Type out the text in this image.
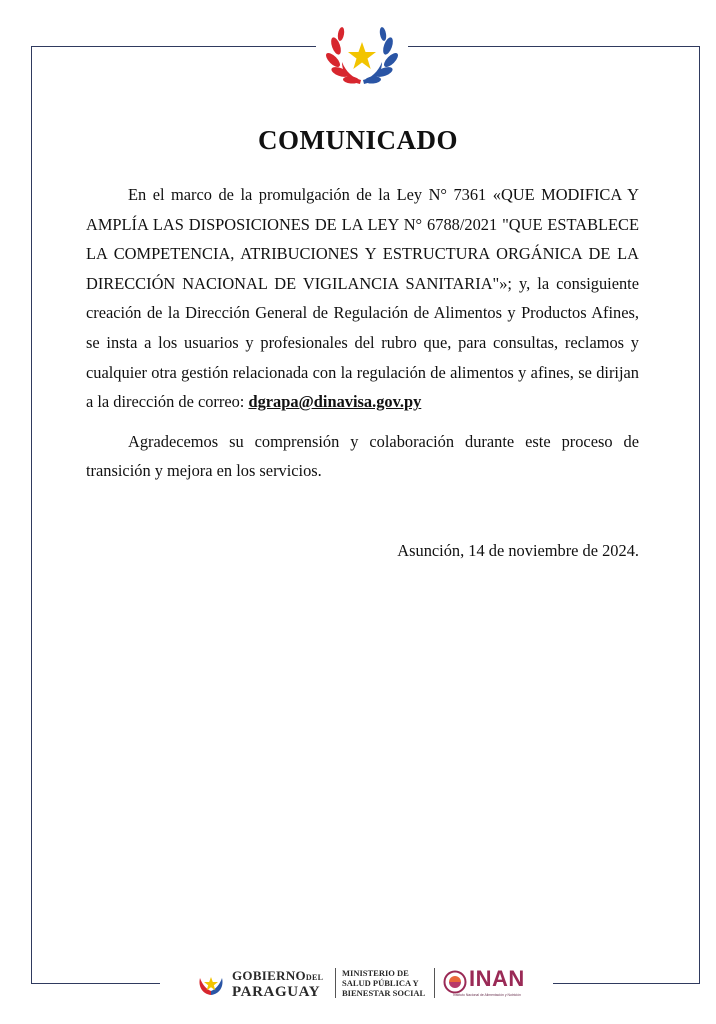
COMUNICADO

En el marco de la promulgación de la Ley N° 7361 «QUE MODIFICA Y AMPLÍA LAS DISPOSICIONES DE LA LEY N° 6788/2021 "QUE ESTABLECE LA COMPETENCIA, ATRIBUCIONES Y ESTRUCTURA ORGÁNICA DE LA DIRECCIÓN NACIONAL DE VIGILANCIA SANITARIA"»; y, la consiguiente creación de la Dirección General de Regulación de Alimentos y Productos Afines, se insta a los usuarios y profesionales del rubro que, para consultas, reclamos y cualquier otra gestión relacionada con la regulación de alimentos y afines, se dirijan a la dirección de correo: dgrapa@dinavisa.gov.py

Agradecemos su comprensión y colaboración durante este proceso de transición y mejora en los servicios.

Asunción, 14 de noviembre de 2024.
GOBIERNODEL
PARAGUAY
MINISTERIO DE
SALUD PÚBLICA Y
BIENESTAR SOCIAL
INAN
Instituto Nacional de Alimentación y Nutrición
